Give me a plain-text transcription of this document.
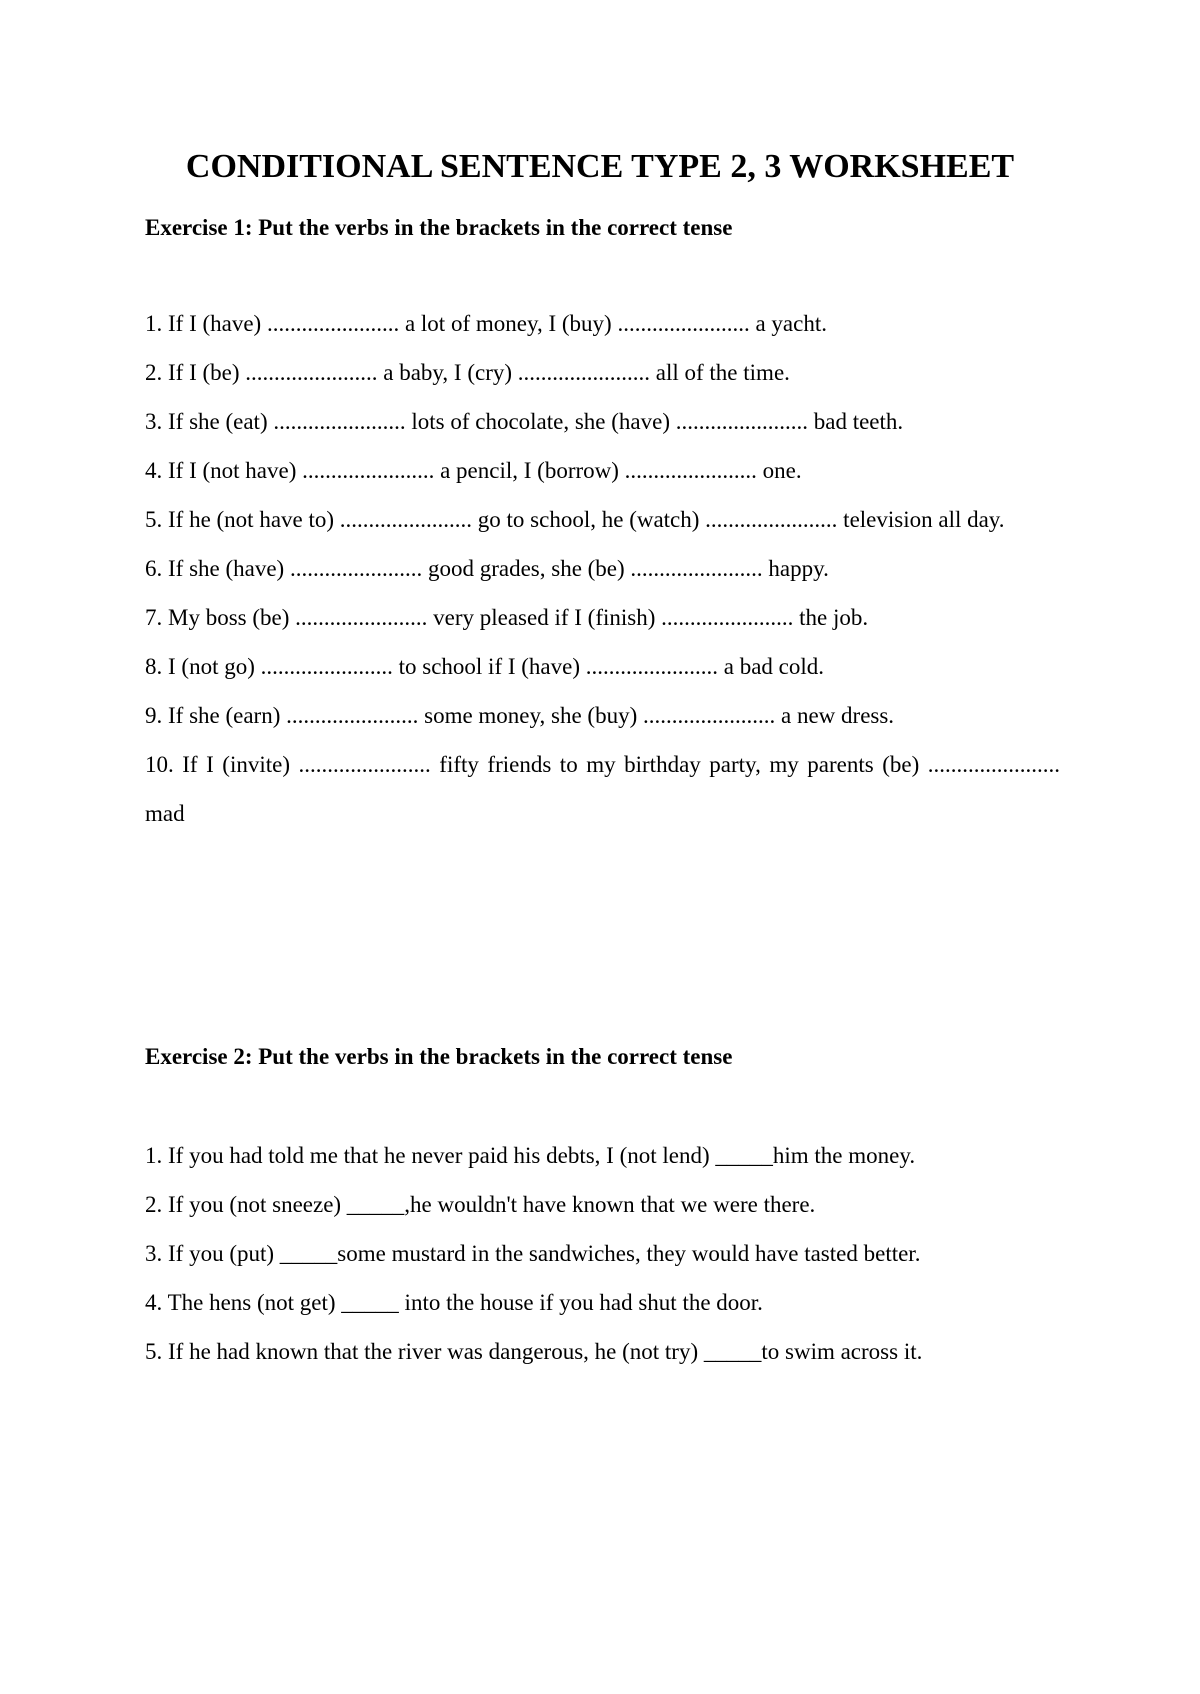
CONDITIONAL SENTENCE TYPE 2, 3 WORKSHEET
Exercise 1: Put the verbs in the brackets in the correct tense
1. If I (have) ....................... a lot of money, I (buy) ....................... a yacht.
2. If I (be) ....................... a baby, I (cry) ....................... all of the time.
3. If she (eat) ....................... lots of chocolate, she (have) ....................... bad teeth.
4. If I (not have) ....................... a pencil, I (borrow) ....................... one.
5. If he (not have to) ....................... go to school, he (watch) ....................... television all day.
6. If she (have) ....................... good grades, she (be) ....................... happy.
7. My boss (be) ....................... very pleased if I (finish) ....................... the job.
8. I (not go) ....................... to school if I (have) ....................... a bad cold.
9. If she (earn) ....................... some money, she (buy) ....................... a new dress.
10. If I (invite) ....................... fifty friends to my birthday party, my parents (be) ....................... mad
Exercise 2: Put the verbs in the brackets in the correct tense
1. If you had told me that he never paid his debts, I (not lend) _____him the money.
2. If you (not sneeze) _____,he wouldn't have known that we were there.
3. If you (put) _____some mustard in the sandwiches, they would have tasted better.
4. The hens (not get) _____ into the house if you had shut the door.
5. If he had known that the river was dangerous, he (not try) _____to swim across it.
